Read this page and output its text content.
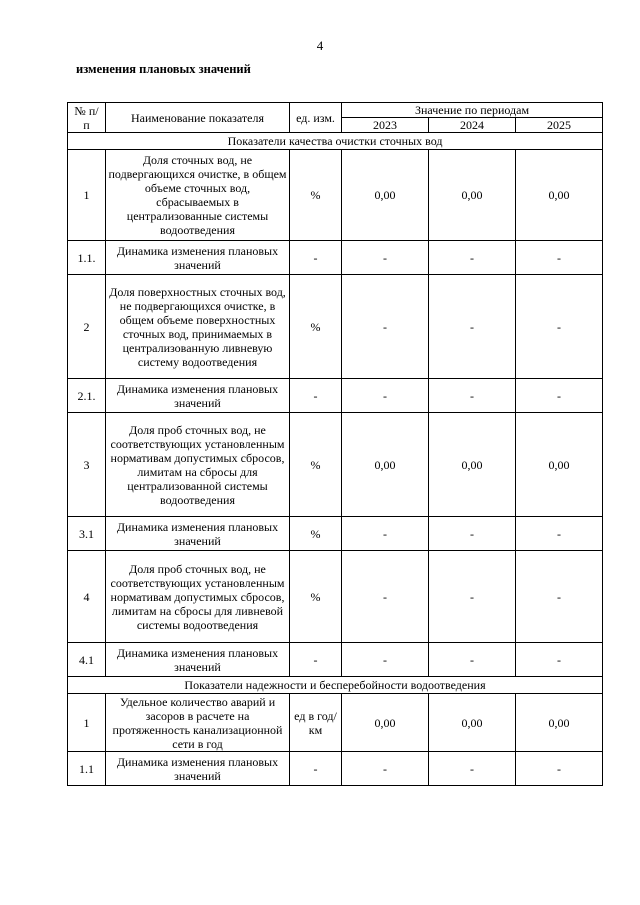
4
изменения плановых значений
№ п/п	Наименование показателя	ед. изм.	Значение по периодам		
			2023	2024	2025
Показатели качества очистки сточных вод					
1	Доля сточных вод, не подвергающихся очистке, в общем объеме сточных вод, сбрасываемых в централизованные системы водоотведения	%	0,00	0,00	0,00
1.1.	Динамика изменения плановых значений	-	-	-	-
2	Доля поверхностных сточных вод, не подвергающихся очистке, в общем объеме поверхностных сточных вод, принимаемых в централизованную ливневую систему водоотведения	%	-	-	-
2.1.	Динамика изменения плановых значений	-	-	-	-
3	Доля проб сточных вод, не соответствующих установленным нормативам допустимых сбросов, лимитам на сбросы для централизованной системы водоотведения	%	0,00	0,00	0,00
3.1	Динамика изменения плановых значений	%	-	-	-
4	Доля проб сточных вод, не соответствующих установленным нормативам допустимых сбросов, лимитам на сбросы для ливневой системы водоотведения	%	-	-	-
4.1	Динамика изменения плановых значений	-	-	-	-
Показатели надежности и бесперебойности водоотведения					
1	Удельное количество аварий и засоров в расчете на протяженность канализационной сети в год	ед в год/ км	0,00	0,00	0,00
1.1	Динамика изменения плановых значений	-	-	-	-
